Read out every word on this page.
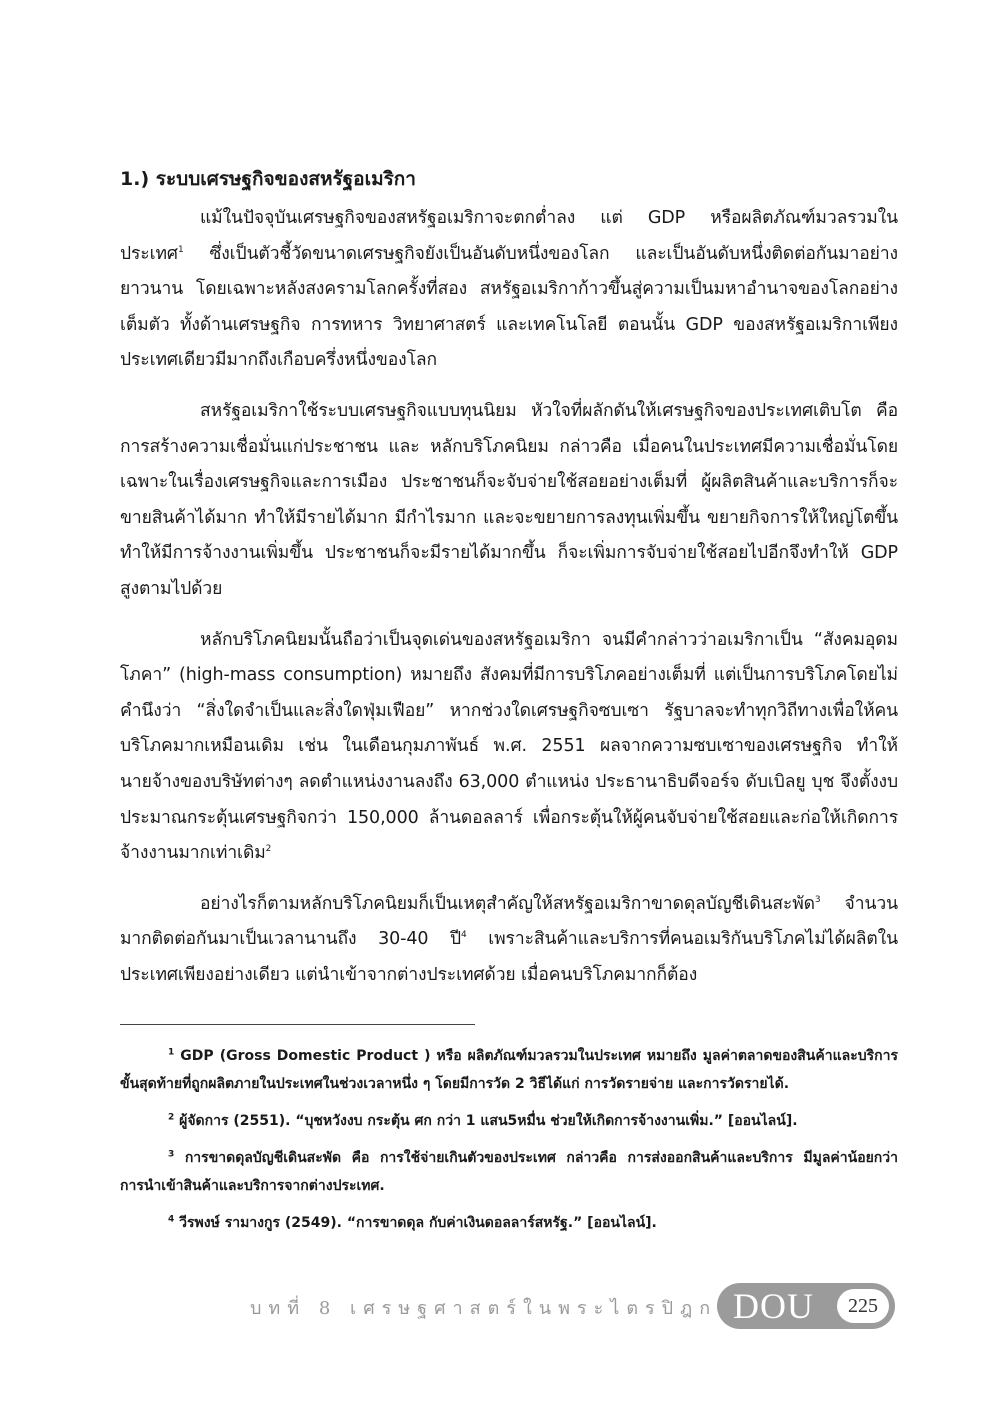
1.) ระบบเศรษฐกิจของสหรัฐอเมริกา

แม้ในปัจจุบันเศรษฐกิจของสหรัฐอเมริกาจะตกต่ำลง แต่ GDP หรือผลิตภัณฑ์มวลรวมในประเทศ$^1$ ซึ่งเป็นตัวชี้วัดขนาดเศรษฐกิจยังเป็นอันดับหนึ่งของโลก และเป็นอันดับหนึ่งติดต่อกันมาอย่างยาวนาน โดยเฉพาะหลังสงครามโลกครั้งที่สอง สหรัฐอเมริกาก้าวขึ้นสู่ความเป็นมหาอำนาจของโลกอย่างเต็มตัว ทั้งด้านเศรษฐกิจ การทหาร วิทยาศาสตร์ และเทคโนโลยี ตอนนั้น GDP ของสหรัฐอเมริกาเพียงประเทศเดียวมีมากถึงเกือบครึ่งหนึ่งของโลก

สหรัฐอเมริกาใช้ระบบเศรษฐกิจแบบทุนนิยม หัวใจที่ผลักดันให้เศรษฐกิจของประเทศเติบโต คือ การสร้างความเชื่อมั่นแก่ประชาชน และ หลักบริโภคนิยม กล่าวคือ เมื่อคนในประเทศมีความเชื่อมั่นโดยเฉพาะในเรื่องเศรษฐกิจและการเมือง ประชาชนก็จะจับจ่ายใช้สอยอย่างเต็มที่ ผู้ผลิตสินค้าและบริการก็จะขายสินค้าได้มาก ทำให้มีรายได้มาก มีกำไรมาก และจะขยายการลงทุนเพิ่มขึ้น ขยายกิจการให้ใหญ่โตขึ้น ทำให้มีการจ้างงานเพิ่มขึ้น ประชาชนก็จะมีรายได้มากขึ้น ก็จะเพิ่มการจับจ่ายใช้สอยไปอีกจึงทำให้ GDP สูงตามไปด้วย

หลักบริโภคนิยมนั้นถือว่าเป็นจุดเด่นของสหรัฐอเมริกา จนมีคำกล่าวว่าอเมริกาเป็น “สังคมอุดมโภคา” (high-mass consumption) หมายถึง สังคมที่มีการบริโภคอย่างเต็มที่ แต่เป็นการบริโภคโดยไม่คำนึงว่า “สิ่งใดจำเป็นและสิ่งใดฟุ่มเฟือย” หากช่วงใดเศรษฐกิจซบเซา รัฐบาลจะทำทุกวิถีทางเพื่อให้คนบริโภคมากเหมือนเดิม เช่น ในเดือนกุมภาพันธ์ พ.ศ. 2551 ผลจากความซบเซาของเศรษฐกิจ ทำให้นายจ้างของบริษัทต่างๆ ลดตำแหน่งงานลงถึง 63,000 ตำแหน่ง ประธานาธิบดีจอร์จ ดับเบิลยู บุช จึงตั้งงบประมาณกระตุ้นเศรษฐกิจกว่า 150,000 ล้านดอลลาร์ เพื่อกระตุ้นให้ผู้คนจับจ่ายใช้สอยและก่อให้เกิดการจ้างงานมากเท่าเดิม$^2$

อย่างไรก็ตามหลักบริโภคนิยมก็เป็นเหตุสำคัญให้สหรัฐอเมริกาขาดดุลบัญชีเดินสะพัด$^3$ จำนวนมากติดต่อกันมาเป็นเวลานานถึง 30-40 ปี$^4$ เพราะสินค้าและบริการที่คนอเมริกันบริโภคไม่ได้ผลิตในประเทศเพียงอย่างเดียว แต่นำเข้าจากต่างประเทศด้วย เมื่อคนบริโภคมากก็ต้อง

$^1$ GDP (Gross Domestic Product ) หรือ ผลิตภัณฑ์มวลรวมในประเทศ หมายถึง มูลค่าตลาดของสินค้าและบริการขั้นสุดท้ายที่ถูกผลิตภายในประเทศในช่วงเวลาหนึ่ง ๆ โดยมีการวัด 2 วิธีได้แก่ การวัดรายจ่าย และการวัดรายได้.

$^2$ ผู้จัดการ (2551). “บุชหวังงบ กระตุ้น ศก กว่า 1 แสน5หมื่น ช่วยให้เกิดการจ้างงานเพิ่ม.” [ออนไลน์].

$^3$ การขาดดุลบัญชีเดินสะพัด คือ การใช้จ่ายเกินตัวของประเทศ กล่าวคือ การส่งออกสินค้าและบริการ มีมูลค่าน้อยกว่า การนำเข้าสินค้าและบริการจากต่างประเทศ.

$^4$ วีรพงษ์ รามางกูร (2549). “การขาดดุล กับค่าเงินดอลลาร์สหรัฐ.” [ออนไลน์].

บทที่ 8 เศรษฐศาสตร์ในพระไตรปิฎก DOU	225
